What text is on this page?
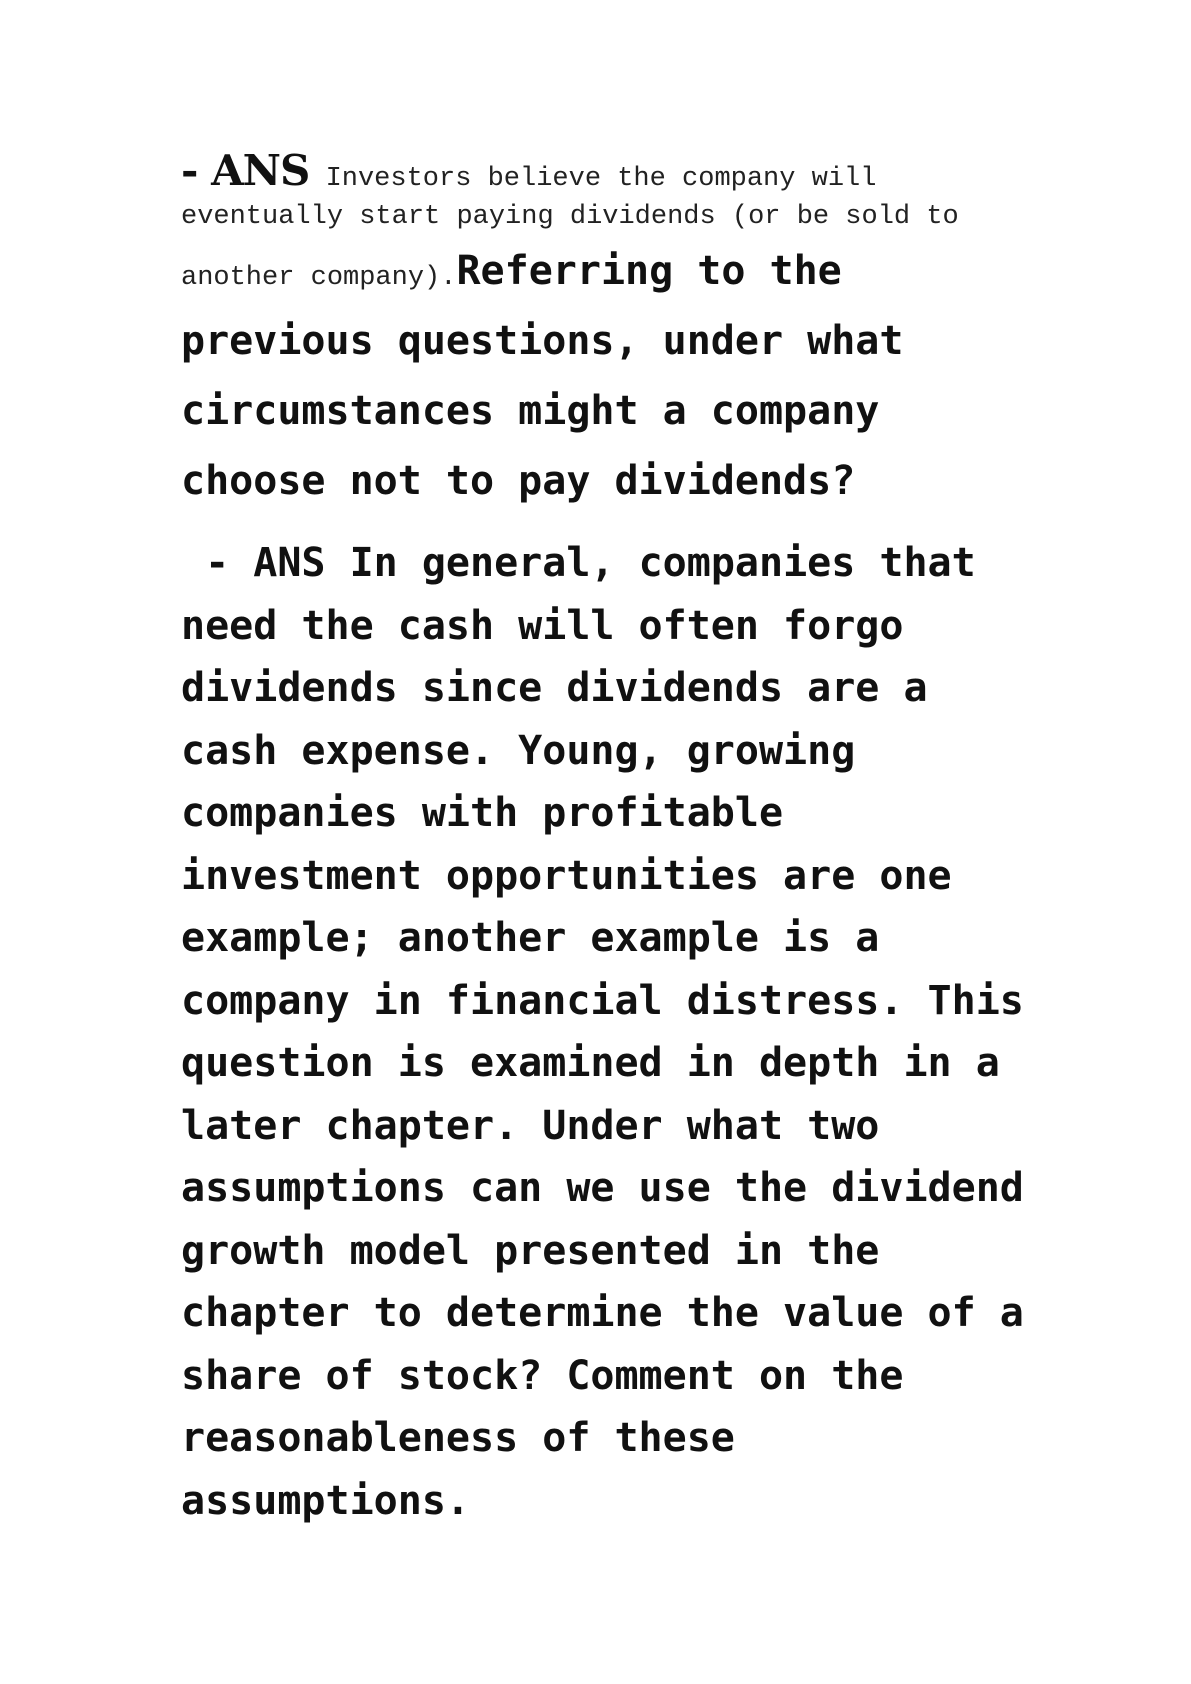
- ANS Investors believe the company will
eventually start paying dividends (or be sold to
another company).Referring to the previous questions, under what circumstances might a company choose not to pay dividends?
- ANS In general, companies that need the cash will often forgo dividends since dividends are a cash expense. Young, growing companies with profitable investment opportunities are one example; another example is a company in financial distress. This question is examined in depth in a later chapter. Under what two assumptions can we use the dividend growth model presented in the chapter to determine the value of a share of stock? Comment on the reasonableness of these assumptions.
